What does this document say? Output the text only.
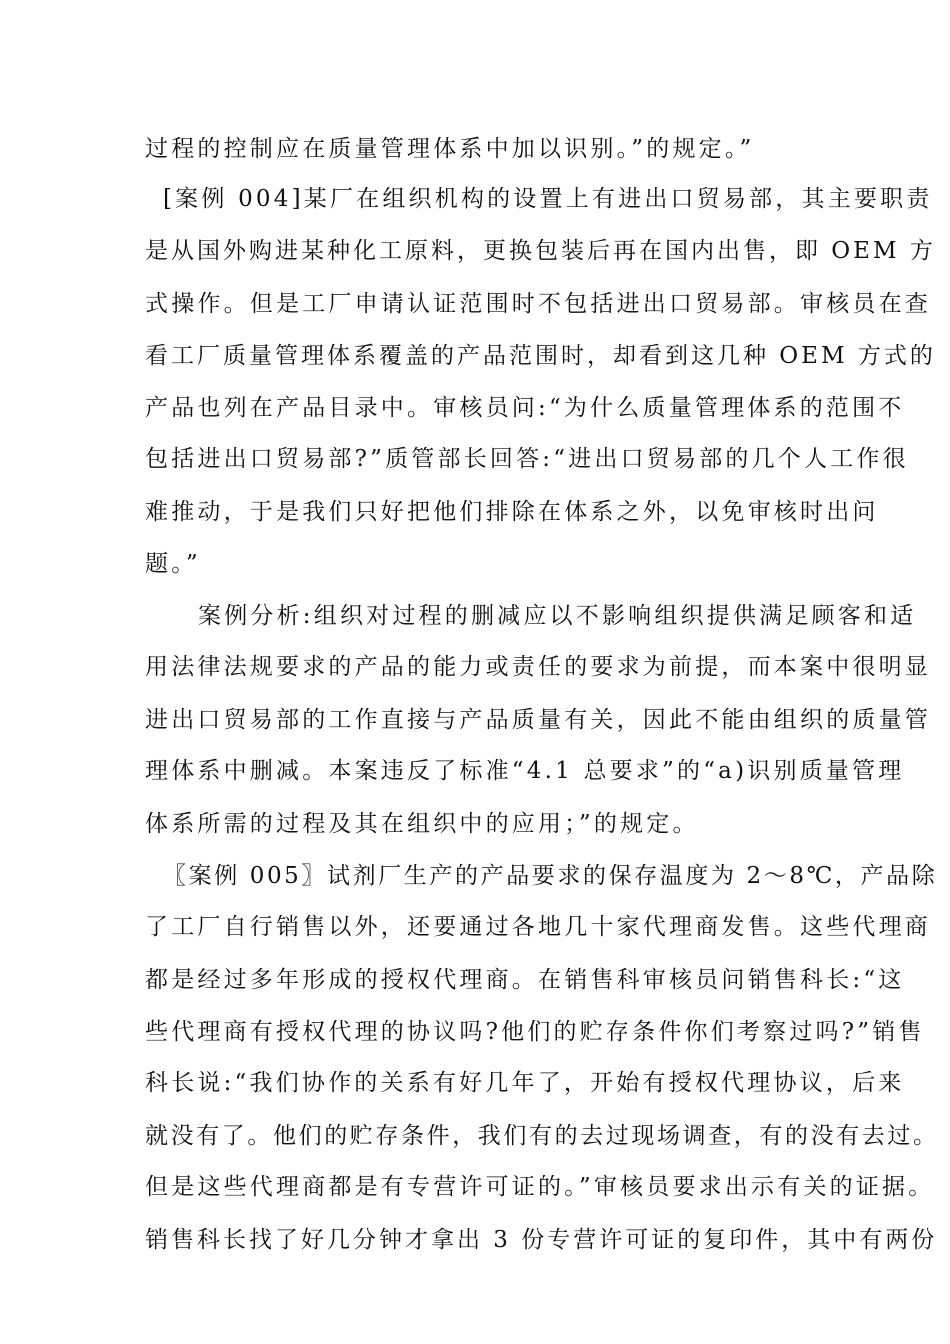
过程的控制应在质量管理体系中加以识别。”的规定。”
[案例 004]某厂在组织机构的设置上有进出口贸易部，其主要职责
是从国外购进某种化工原料，更换包装后再在国内出售，即 OEM 方
式操作。但是工厂申请认证范围时不包括进出口贸易部。审核员在查
看工厂质量管理体系覆盖的产品范围时，却看到这几种 OEM 方式的
产品也列在产品目录中。审核员问:“为什么质量管理体系的范围不
包括进出口贸易部?”质管部长回答:“进出口贸易部的几个人工作很
难推动，于是我们只好把他们排除在体系之外，以免审核时出问
题。”
案例分析:组织对过程的删减应以不影响组织提供满足顾客和适
用法律法规要求的产品的能力或责任的要求为前提，而本案中很明显
进出口贸易部的工作直接与产品质量有关，因此不能由组织的质量管
理体系中删减。本案违反了标准“4.1 总要求”的“a)识别质量管理
体系所需的过程及其在组织中的应用；”的规定。
〖案例 005〗试剂厂生产的产品要求的保存温度为 2～8℃，产品除
了工厂自行销售以外，还要通过各地几十家代理商发售。这些代理商
都是经过多年形成的授权代理商。在销售科审核员问销售科长:“这
些代理商有授权代理的协议吗?他们的贮存条件你们考察过吗?”销售
科长说:“我们协作的关系有好几年了，开始有授权代理协议，后来
就没有了。他们的贮存条件，我们有的去过现场调查，有的没有去过。
但是这些代理商都是有专营许可证的。”审核员要求出示有关的证据。
销售科长找了好几分钟才拿出 3 份专营许可证的复印件，其中有两份
